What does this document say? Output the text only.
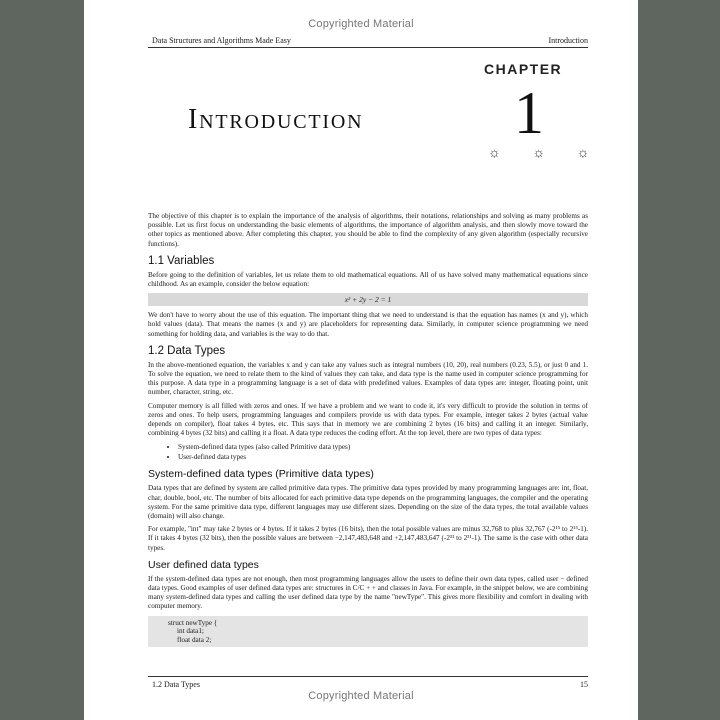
Copyrighted Material
Data Structures and Algorithms Made Easy	Introduction
CHAPTER
1
☼ ☼ ☼
Introduction

The objective of this chapter is to explain the importance of the analysis of algorithms, their notations, relationships and solving as many problems as possible. Let us first focus on understanding the basic elements of algorithms, the importance of algorithm analysis, and then slowly move toward the other topics as mentioned above. After completing this chapter, you should be able to find the complexity of any given algorithm (especially recursive functions).

1.1 Variables

Before going to the definition of variables, let us relate them to old mathematical equations. All of us have solved many mathematical equations since childhood. As an example, consider the below equation:

x² + 2y − 2 = 1

We don't have to worry about the use of this equation. The important thing that we need to understand is that the equation has names (x and y), which hold values (data). That means the names (x and y) are placeholders for representing data. Similarly, in computer science programming we need something for holding data, and variables is the way to do that.

1.2 Data Types

In the above-mentioned equation, the variables x and y can take any values such as integral numbers (10, 20), real numbers (0.23, 5.5), or just 0 and 1. To solve the equation, we need to relate them to the kind of values they can take, and data type is the name used in computer science programming for this purpose. A data type in a programming language is a set of data with predefined values. Examples of data types are: integer, floating point, unit number, character, string, etc.

Computer memory is all filled with zeros and ones. If we have a problem and we want to code it, it's very difficult to provide the solution in terms of zeros and ones. To help users, programming languages and compilers provide us with data types. For example, integer takes 2 bytes (actual value depends on compiler), float takes 4 bytes, etc. This says that in memory we are combining 2 bytes (16 bits) and calling it an integer. Similarly, combining 4 bytes (32 bits) and calling it a float. A data type reduces the coding effort. At the top level, there are two types of data types:

• System-defined data types (also called Primitive data types)
• User-defined data types
System-defined data types (Primitive data types)

Data types that are defined by system are called primitive data types. The primitive data types provided by many programming languages are: int, float, char, double, bool, etc. The number of bits allocated for each primitive data type depends on the programming languages, the compiler and the operating system. For the same primitive data type, different languages may use different sizes. Depending on the size of the data types, the total available values (domain) will also change.

For example, "int" may take 2 bytes or 4 bytes. If it takes 2 bytes (16 bits), then the total possible values are minus 32,768 to plus 32,767 (-2¹⁵ to 2¹⁵-1). If it takes 4 bytes (32 bits), then the possible values are between −2,147,483,648 and +2,147,483,647 (-2³¹ to 2³¹-1). The same is the case with other data types.

User defined data types

If the system-defined data types are not enough, then most programming languages allow the users to define their own data types, called user − defined data types. Good examples of user defined data types are: structures in C/C + + and classes in Java. For example, in the snippet below, we are combining many system-defined data types and calling the user defined data type by the name "newType". This gives more flexibility and comfort in dealing with computer memory.

struct newType {
int data1;
float data 2;
1.2 Data Types	15
Copyrighted Material
